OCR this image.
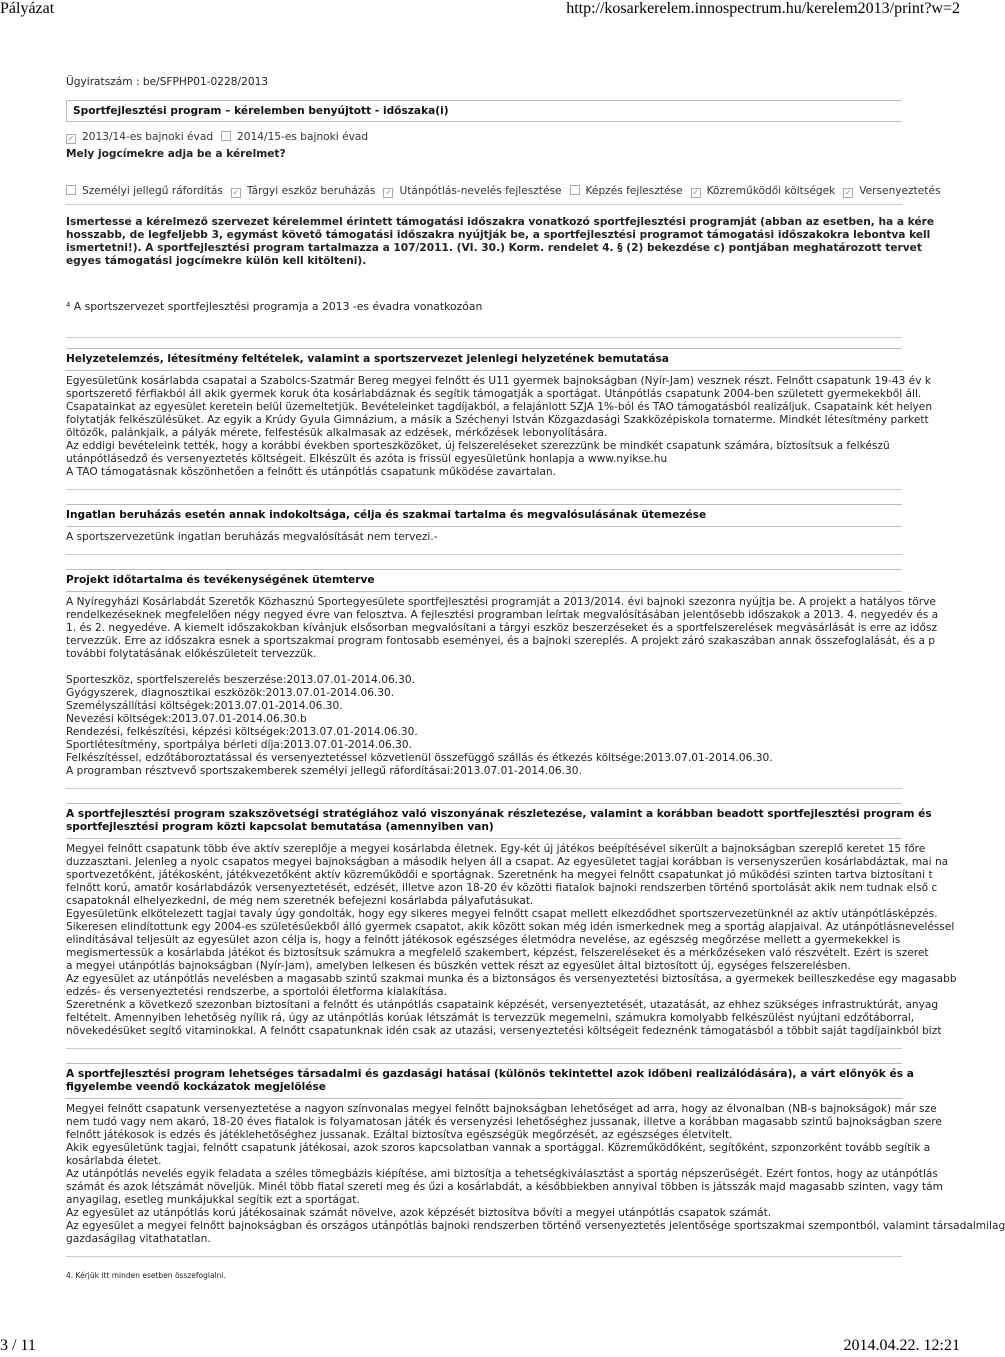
Pályázat	http://kosarkerelem.innospectrum.hu/kerelem2013/print?w=2
Ügyiratszám : be/SFPHP01-0228/2013
Sportfejlesztési program – kérelemben benyújtott - időszaka(i)
✓ 2013/14-es bajnoki évad 2014/15-es bajnoki évad
Mely jogcímekre adja be a kérelmet?
Személyi jellegű ráfordítás ✓ Tárgyi eszköz beruházás ✓ Utánpótlás-nevelés fejlesztése Képzés fejlesztése ✓ Közreműködői költségek ✓ Versenyeztetés
Ismertesse a kérelmező szervezet kérelemmel érintett támogatási időszakra vonatkozó sportfejlesztési programját (abban az esetben, ha a kére
hosszabb, de legfeljebb 3, egymást követő támogatási időszakra nyújtják be, a sportfejlesztési programot támogatási időszakokra lebontva kell
ismertetni!). A sportfejlesztési program tartalmazza a 107/2011. (VI. 30.) Korm. rendelet 4. § (2) bekezdése c) pontjában meghatározott tervet
egyes támogatási jogcímekre külön kell kitölteni).
⁴ A sportszervezet sportfejlesztési programja a 2013 -es évadra vonatkozóan
Helyzetelemzés, létesítmény feltételek, valamint a sportszervezet jelenlegi helyzetének bemutatása
Egyesületünk kosárlabda csapatai a Szabolcs-Szatmár Bereg megyei felnőtt és U11 gyermek bajnokságban (Nyír-Jam) vesznek részt. Felnőtt csapatunk 19-43 év k
sportszerető férfiakból áll akik gyermek koruk óta kosárlabdáznak és segítik támogatják a sportágat. Utánpótlás csapatunk 2004-ben született gyermekekből áll.
Csapatainkat az egyesület keretein belül üzemeltetjük. Bevételeinket tagdíjakból, a felajánlott SZJA 1%-ból és TAO támogatásból realizáljuk. Csapataink két helyen
folytatják felkészülésüket. Az egyik a Krúdy Gyula Gimnázium, a másik a Széchenyi István Közgazdasági Szakközépiskola tornaterme. Mindkét létesítmény parkett
öltözők, palánkjaik, a pályák mérete, felfestésük alkalmasak az edzések, mérkőzések lebonyolítására.
Az eddigi bevételeink tették, hogy a korábbi években sporteszközöket, új felszereléseket szerezzünk be mindkét csapatunk számára, biztosítsuk a felkészü
utánpótlásedző és versenyeztetés költségeit. Elkészült és azóta is frissül egyesületünk honlapja a www.nyikse.hu
A TAO támogatásnak köszönhetően a felnőtt és utánpótlás csapatunk működése zavartalan.
Ingatlan beruházás esetén annak indokoltsága, célja és szakmai tartalma és megvalósulásának ütemezése
A sportszervezetünk ingatlan beruházás megvalósítását nem tervezi.-
Projekt időtartalma és tevékenységének ütemterve
A Nyíregyházi Kosárlabdát Szeretők Közhasznú Sportegyesülete sportfejlesztési programját a 2013/2014. évi bajnoki szezonra nyújtja be. A projekt a hatályos törve
rendelkezéseknek megfelelően négy negyed évre van felosztva. A fejlesztési programban leírtak megvalósításában jelentősebb időszakok a 2013. 4. negyedév és a
1. és 2. negyedéve. A kiemelt időszakokban kívánjuk elsősorban megvalósítani a tárgyi eszköz beszerzéseket és a sportfelszerelések megvásárlását is erre az idősz
tervezzük. Erre az időszakra esnek a sportszakmai program fontosabb eseményei, és a bajnoki szereplés. A projekt záró szakaszában annak összefoglalását, és a p
további folytatásának előkészületeit tervezzük.
Sporteszköz, sportfelszerelés beszerzése:2013.07.01-2014.06.30.
Gyógyszerek, diagnosztikai eszközök:2013.07.01-2014.06.30.
Személyszállítási költségek:2013.07.01-2014.06.30.
Nevezési költségek:2013.07.01-2014.06.30.b
Rendezési, felkészítési, képzési költségek:2013.07.01-2014.06.30.
Sportlétesítmény, sportpálya bérleti díja:2013.07.01-2014.06.30.
Felkészítéssel, edzőtáboroztatással és versenyeztetéssel közvetlenül összefüggő szállás és étkezés költsége:2013.07.01-2014.06.30.
A programban résztvevő sportszakemberek személyi jellegű ráfordításai:2013.07.01-2014.06.30.
A sportfejlesztési program szakszövetségi stratégiához való viszonyának részletezése, valamint a korábban beadott sportfejlesztési program és
sportfejlesztési program közti kapcsolat bemutatása (amennyiben van)
Megyei felnőtt csapatunk több éve aktív szereplője a megyei kosárlabda életnek. Egy-két új játékos beépítésével sikerült a bajnokságban szereplő keretet 15 főre
duzzasztani. Jelenleg a nyolc csapatos megyei bajnokságban a második helyen áll a csapat. Az egyesületet tagjai korábban is versenyszerűen kosárlabdáztak, mai na
sportvezetőként, játékosként, játékvezetőként aktív közreműködői e sportágnak. Szeretnénk ha megyei felnőtt csapatunkat jó működési szinten tartva biztosítani t
felnőtt korú, amatőr kosárlabdázók versenyeztetését, edzését, illetve azon 18-20 év közötti fiatalok bajnoki rendszerben történő sportolását akik nem tudnak első c
csapatoknál elhelyezkedni, de még nem szeretnék befejezni kosárlabda pályafutásukat.
Egyesületünk elkötelezett tagjai tavaly úgy gondolták, hogy egy sikeres megyei felnőtt csapat mellett elkezdődhet sportszervezetünknél az aktív utánpótlásképzés.
Sikeresen elindítottunk egy 2004-es születésűekből álló gyermek csapatot, akik között sokan még idén ismerkednek meg a sportág alapjaival. Az utánpótlásneveléssel
elindításával teljesült az egyesület azon célja is, hogy a felnőtt játékosok egészséges életmódra nevelése, az egészség megőrzése mellett a gyermekekkel is
megismertessük a kosárlabda játékot és biztosítsuk számukra a megfelelő szakembert, képzést, felszereléseket és a mérkőzéseken való részvételt. Ezért is szeret
a megyei utánpótlás bajnokságban (Nyír-Jam), amelyben lelkesen és büszkén vettek részt az egyesület által biztosított új, egységes felszerelésben.
Az egyesület az utánpótlás nevelésben a magasabb szintű szakmai munka és a biztonságos és versenyeztetési biztosítása, a gyermekek beilleszkedése egy magasabb
edzés- és versenyeztetési rendszerbe, a sportolói életforma kialakítása.
Szeretnénk a következő szezonban biztosítani a felnőtt és utánpótlás csapataink képzését, versenyeztetését, utazatását, az ehhez szükséges infrastruktúrát, anyag
feltételt. Amennyiben lehetőség nyílik rá, úgy az utánpótlás korúak létszámát is tervezzük megemelni, számukra komolyabb felkészülést nyújtani edzőtáborral,
növekedésüket segítő vitaminokkal. A felnőtt csapatunknak idén csak az utazási, versenyeztetési költségeit fedeznénk támogatásból a többit saját tagdíjainkból bizt
A sportfejlesztési program lehetséges társadalmi és gazdasági hatásai (különös tekintettel azok időbeni realizálódására), a várt előnyök és a
figyelembe veendő kockázatok megjelölése
Megyei felnőtt csapatunk versenyeztetése a nagyon színvonalas megyei felnőtt bajnokságban lehetőséget ad arra, hogy az élvonalban (NB-s bajnokságok) már sze
nem tudó vagy nem akaró, 18-20 éves fiatalok is folyamatosan játék és versenyzési lehetőséghez jussanak, illetve a korábban magasabb szintű bajnokságban szere
felnőtt játékosok is edzés és játéklehetőséghez jussanak. Ezáltal biztosítva egészségük megőrzését, az egészséges életvitelt.
Akik egyesületünk tagjai, felnőtt csapatunk játékosai, azok szoros kapcsolatban vannak a sportággal. Közreműködőként, segítőként, szponzorként tovább segítik a
kosárlabda életet.
Az utánpótlás nevelés egyik feladata a széles tömegbázis kiépítése, ami biztosítja a tehetségkiválasztást a sportág népszerűségét. Ezért fontos, hogy az utánpótlás
számát és azok létszámát növeljük. Minél több fiatal szereti meg és űzi a kosárlabdát, a későbbiekben annyival többen is játsszák majd magasabb szinten, vagy tám
anyagilag, esetleg munkájukkal segítik ezt a sportágat.
Az egyesület az utánpótlás korú játékosainak számát növelve, azok képzését biztosítva bővíti a megyei utánpótlás csapatok számát.
Az egyesület a megyei felnőtt bajnokságban és országos utánpótlás bajnoki rendszerben történő versenyeztetés jelentősége sportszakmai szempontból, valamint társadalmilag
gazdaságilag vitathatatlan.
4. Kérjük itt minden esetben összefoglalni.
3 / 11	2014.04.22. 12:21
